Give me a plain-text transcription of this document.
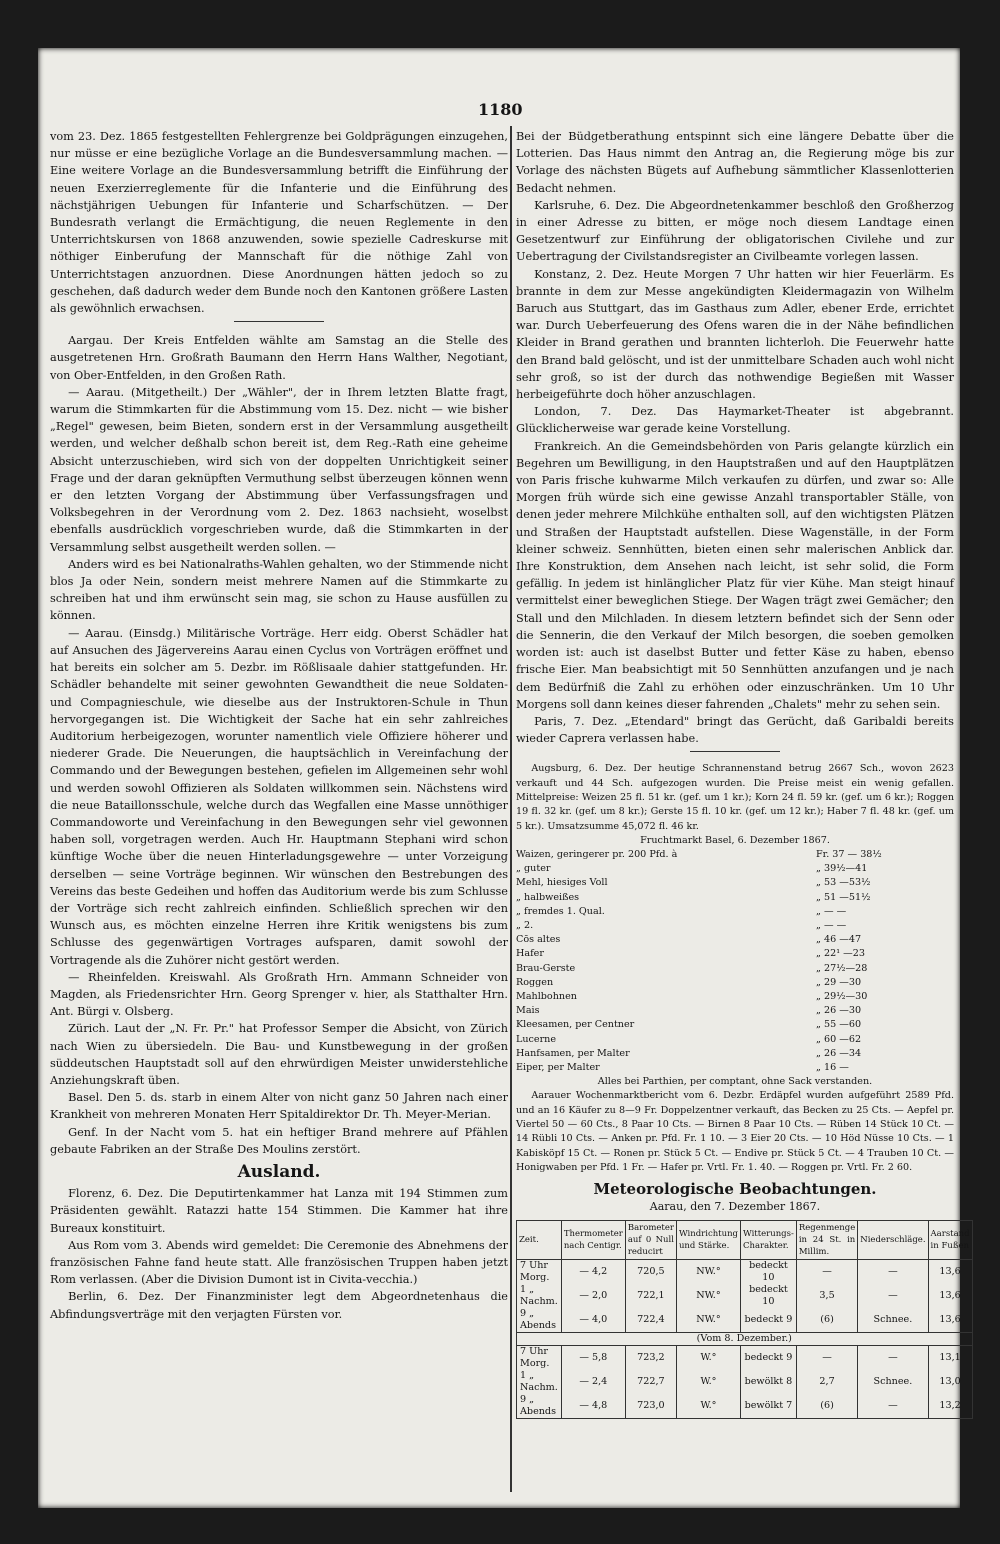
1180

vom 23. Dez. 1865 festgestellten Fehlergrenze bei Goldprägungen einzugehen, nur müsse er eine bezügliche Vorlage an die Bundesversammlung machen. — Eine weitere Vorlage an die Bundesversammlung betrifft die Einführung der neuen Exerzierreglemente für die Infanterie und die Einführung des nächstjährigen Uebungen für Infanterie und Scharfschützen. — Der Bundesrath verlangt die Ermächtigung, die neuen Reglemente in den Unterrichtskursen von 1868 anzuwenden, sowie spezielle Cadreskurse mit nöthiger Einberufung der Mannschaft für die nöthige Zahl von Unterrichtstagen anzuordnen. Diese Anordnungen hätten jedoch so zu geschehen, daß dadurch weder dem Bunde noch den Kantonen größere Lasten als gewöhnlich erwachsen.

Aargau. Der Kreis Entfelden wählte am Samstag an die Stelle des ausgetretenen Hrn. Großrath Baumann den Herrn Hans Walther, Negotiant, von Ober-Entfelden, in den Großen Rath.

— Aarau. (Mitgetheilt.) Der „Wähler", der in Ihrem letzten Blatte fragt, warum die Stimmkarten für die Abstimmung vom 15. Dez. nicht — wie bisher „Regel" gewesen, beim Bieten, sondern erst in der Versammlung ausgetheilt werden, und welcher deßhalb schon bereit ist, dem Reg.-Rath eine geheime Absicht unterzuschieben, wird sich von der doppelten Unrichtigkeit seiner Frage und der daran geknüpften Vermuthung selbst überzeugen können wenn er den letzten Vorgang der Abstimmung über Verfassungsfragen und Volksbegehren in der Verordnung vom 2. Dez. 1863 nachsieht, woselbst ebenfalls ausdrücklich vorgeschrieben wurde, daß die Stimmkarten in der Versammlung selbst ausgetheilt werden sollen. —

Anders wird es bei Nationalraths-Wahlen gehalten, wo der Stimmende nicht blos Ja oder Nein, sondern meist mehrere Namen auf die Stimmkarte zu schreiben hat und ihm erwünscht sein mag, sie schon zu Hause ausfüllen zu können.

— Aarau. (Einsdg.) Militärische Vorträge. Herr eidg. Oberst Schädler hat auf Ansuchen des Jägervereins Aarau einen Cyclus von Vorträgen eröffnet und hat bereits ein solcher am 5. Dezbr. im Rößlisaale dahier stattgefunden. Hr. Schädler behandelte mit seiner gewohnten Gewandtheit die neue Soldaten- und Compagnieschule, wie dieselbe aus der Instruktoren-Schule in Thun hervorgegangen ist. Die Wichtigkeit der Sache hat ein sehr zahlreiches Auditorium herbeigezogen, worunter namentlich viele Offiziere höherer und niederer Grade. Die Neuerungen, die hauptsächlich in Vereinfachung der Commando und der Bewegungen bestehen, gefielen im Allgemeinen sehr wohl und werden sowohl Offizieren als Soldaten willkommen sein. Nächstens wird die neue Bataillonsschule, welche durch das Wegfallen eine Masse unnöthiger Commandoworte und Vereinfachung in den Bewegungen sehr viel gewonnen haben soll, vorgetragen werden. Auch Hr. Hauptmann Stephani wird schon künftige Woche über die neuen Hinterladungsgewehre — unter Vorzeigung derselben — seine Vorträge beginnen. Wir wünschen den Bestrebungen des Vereins das beste Gedeihen und hoffen das Auditorium werde bis zum Schlusse der Vorträge sich recht zahlreich einfinden. Schließlich sprechen wir den Wunsch aus, es möchten einzelne Herren ihre Kritik wenigstens bis zum Schlusse des gegenwärtigen Vortrages aufsparen, damit sowohl der Vortragende als die Zuhörer nicht gestört werden.

— Rheinfelden. Kreiswahl. Als Großrath Hrn. Ammann Schneider von Magden, als Friedensrichter Hrn. Georg Sprenger v. hier, als Statthalter Hrn. Ant. Bürgi v. Olsberg.

Zürich. Laut der „N. Fr. Pr." hat Professor Semper die Absicht, von Zürich nach Wien zu übersiedeln. Die Bau- und Kunstbewegung in der großen süddeutschen Hauptstadt soll auf den ehrwürdigen Meister unwiderstehliche Anziehungskraft üben.

Basel. Den 5. ds. starb in einem Alter von nicht ganz 50 Jahren nach einer Krankheit von mehreren Monaten Herr Spitaldirektor Dr. Th. Meyer-Merian.

Genf. In der Nacht vom 5. hat ein heftiger Brand mehrere auf Pfählen gebaute Fabriken an der Straße Des Moulins zerstört.

Ausland.

Florenz, 6. Dez. Die Deputirtenkammer hat Lanza mit 194 Stimmen zum Präsidenten gewählt. Ratazzi hatte 154 Stimmen. Die Kammer hat ihre Bureaux konstituirt.

Aus Rom vom 3. Abends wird gemeldet: Die Ceremonie des Abnehmens der französischen Fahne fand heute statt. Alle französischen Truppen haben jetzt Rom verlassen. (Aber die Division Dumont ist in Civita-vecchia.)

Berlin, 6. Dez. Der Finanzminister legt dem Abgeordnetenhaus die Abfindungsverträge mit den verjagten Fürsten vor.

Bei der Büdgetberathung entspinnt sich eine längere Debatte über die Lotterien. Das Haus nimmt den Antrag an, die Regierung möge bis zur Vorlage des nächsten Bügets auf Aufhebung sämmtlicher Klassenlotterien Bedacht nehmen.

Karlsruhe, 6. Dez. Die Abgeordnetenkammer beschloß den Großherzog in einer Adresse zu bitten, er möge noch diesem Landtage einen Gesetzentwurf zur Einführung der obligatorischen Civilehe und zur Uebertragung der Civilstandsregister an Civilbeamte vorlegen lassen.

Konstanz, 2. Dez. Heute Morgen 7 Uhr hatten wir hier Feuerlärm. Es brannte in dem zur Messe angekündigten Kleidermagazin von Wilhelm Baruch aus Stuttgart, das im Gasthaus zum Adler, ebener Erde, errichtet war. Durch Ueberfeuerung des Ofens waren die in der Nähe befindlichen Kleider in Brand gerathen und brannten lichterloh. Die Feuerwehr hatte den Brand bald gelöscht, und ist der unmittelbare Schaden auch wohl nicht sehr groß, so ist der durch das nothwendige Begießen mit Wasser herbeigeführte doch höher anzuschlagen.

London, 7. Dez. Das Haymarket-Theater ist abgebrannt. Glücklicherweise war gerade keine Vorstellung.

Frankreich. An die Gemeindsbehörden von Paris gelangte kürzlich ein Begehren um Bewilligung, in den Hauptstraßen und auf den Hauptplätzen von Paris frische kuhwarme Milch verkaufen zu dürfen, und zwar so: Alle Morgen früh würde sich eine gewisse Anzahl transportabler Ställe, von denen jeder mehrere Milchkühe enthalten soll, auf den wichtigsten Plätzen und Straßen der Hauptstadt aufstellen. Diese Wagenställe, in der Form kleiner schweiz. Sennhütten, bieten einen sehr malerischen Anblick dar. Ihre Konstruktion, dem Ansehen nach leicht, ist sehr solid, die Form gefällig. In jedem ist hinlänglicher Platz für vier Kühe. Man steigt hinauf vermittelst einer beweglichen Stiege. Der Wagen trägt zwei Gemächer; den Stall und den Milchladen. In diesem letztern befindet sich der Senn oder die Sennerin, die den Verkauf der Milch besorgen, die soeben gemolken worden ist: auch ist daselbst Butter und fetter Käse zu haben, ebenso frische Eier. Man beabsichtigt mit 50 Sennhütten anzufangen und je nach dem Bedürfniß die Zahl zu erhöhen oder einzuschränken. Um 10 Uhr Morgens soll dann keines dieser fahrenden „Chalets" mehr zu sehen sein.

Paris, 7. Dez. „Etendard" bringt das Gerücht, daß Garibaldi bereits wieder Caprera verlassen habe.

Augsburg, 6. Dez. Der heutige Schrannenstand betrug 2667 Sch., wovon 2623 verkauft und 44 Sch. aufgezogen wurden. Die Preise meist ein wenig gefallen. Mittelpreise: Weizen 25 fl. 51 kr. (gef. um 1 kr.); Korn 24 fl. 59 kr. (gef. um 6 kr.); Roggen 19 fl. 32 kr. (gef. um 8 kr.); Gerste 15 fl. 10 kr. (gef. um 12 kr.); Haber 7 fl. 48 kr. (gef. um 5 kr.). Umsatzsumme 45,072 fl. 46 kr.

Fruchtmarkt Basel, 6. Dezember 1867.
Waizen, geringerer pr. 200 Pfd. à	Fr. 37 — 38½
„ guter	„ 39½—41
Mehl, hiesiges Voll	„ 53 —53½
„ halbweißes	„ 51 —51½
„ fremdes 1. Qual.	„ — —
„ 2.	„ — —
Cōs altes	„ 46 —47
Hafer	„ 22¹ —23
Brau-Gerste	„ 27½—28
Roggen	„ 29 —30
Mahlbohnen	„ 29½—30
Mais	„ 26 —30
Kleesamen, per Centner	„ 55 —60
Lucerne	„ 60 —62
Hanfsamen, per Malter	„ 26 —34
Eiper, per Malter	„ 16 —
Alles bei Parthien, per comptant, ohne Sack verstanden.

Aarauer Wochenmarktbericht vom 6. Dezbr. Erdäpfel wurden aufgeführt 2589 Pfd. und an 16 Käufer zu 8—9 Fr. Doppelzentner verkauft, das Becken zu 25 Cts. — Aepfel pr. Viertel 50 — 60 Cts., 8 Paar 10 Cts. — Birnen 8 Paar 10 Cts. — Rüben 14 Stück 10 Ct. — 14 Rübli 10 Cts. — Anken pr. Pfd. Fr. 1 10. — 3 Eier 20 Cts. — 10 Höd Nüsse 10 Cts. — 1 Kabisköpf 15 Ct. — Ronen pr. Stück 5 Ct. — Endive pr. Stück 5 Ct. — 4 Trauben 10 Ct. — Honigwaben per Pfd. 1 Fr. — Hafer pr. Vrtl. Fr. 1. 40. — Roggen pr. Vrtl. Fr. 2 60.

Meteorologische Beobachtungen.
Aarau, den 7. Dezember 1867.
Zeit.	Thermometer nach Centigr.	Barometer auf 0 Null reducirt	Windrichtung und Stärke.	Witterungs-Charakter.	Regenmenge in 24 St. in Millim.	Niederschläge.	Aarstand in Fußen
7 Uhr Morg.	— 4,2	720,5	NW.°	bedeckt 10	—	—	13,6
1 „ Nachm.	— 2,0	722,1	NW.°	bedeckt 10	3,5	—	13,6
9 „ Abends	— 4,0	722,4	NW.°	bedeckt 9	(6)	Schnee.	13,6
(Vom 8. Dezember.)							
7 Uhr Morg.	— 5,8	723,2	W.°	bedeckt 9	—	—	13,1
1 „ Nachm.	— 2,4	722,7	W.°	bewölkt 8	2,7	Schnee.	13,0
9 „ Abends	— 4,8	723,0	W.°	bewölkt 7	(6)	—	13,2
